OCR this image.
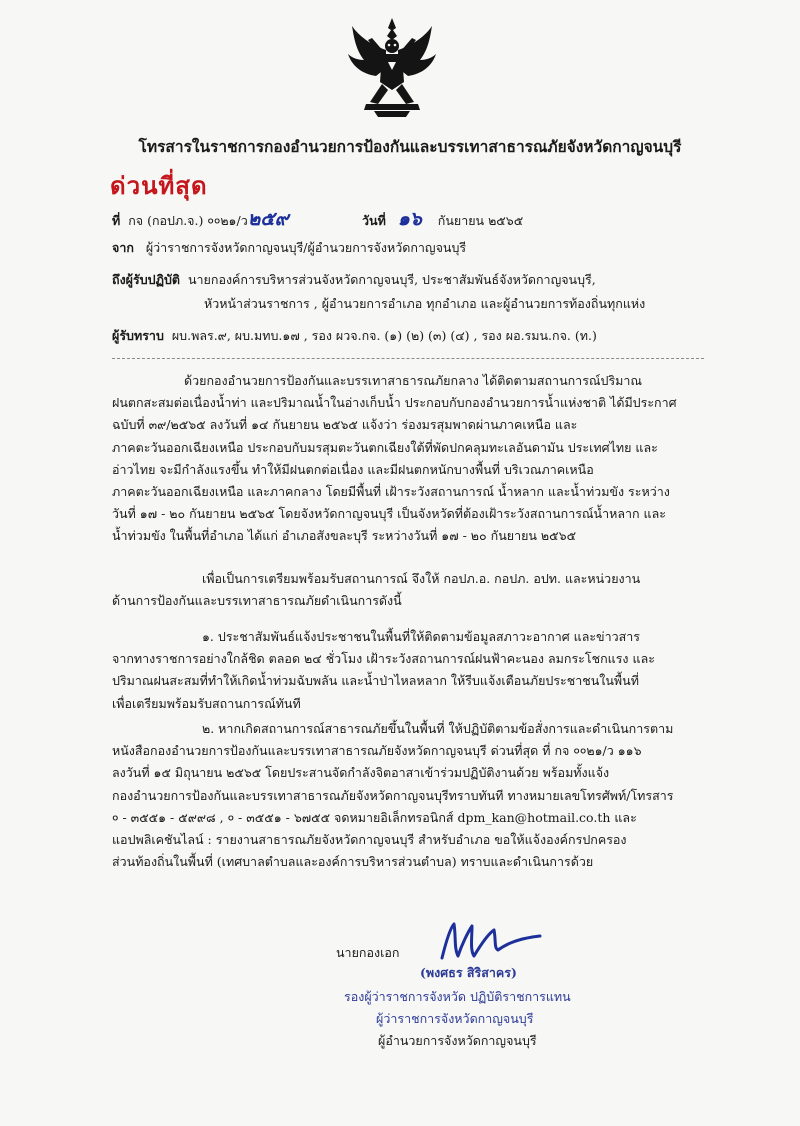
โทรสารในราชการกองอำนวยการป้องกันและบรรเทาสาธารณภัยจังหวัดกาญจนบุรี
ด่วนที่สุด
ที่ กจ (กอปภ.จ.) ००๒๑/ว๒๕๙	วันที่ ๑๖ กันยายน ๒๕๖๕
จาก ผู้ว่าราชการจังหวัดกาญจนบุรี/ผู้อำนวยการจังหวัดกาญจนบุรี
ถึงผู้รับปฏิบัติ นายกองค์การบริหารส่วนจังหวัดกาญจนบุรี, ประชาสัมพันธ์จังหวัดกาญจนบุรี,
หัวหน้าส่วนราชการ , ผู้อำนวยการอำเภอ ทุกอำเภอ และผู้อำนวยการท้องถิ่นทุกแห่ง
ผู้รับทราบ ผบ.พลร.๙, ผบ.มทบ.๑๗ , รอง ผวจ.กจ. (๑) (๒) (๓) (๔) , รอง ผอ.รมน.กจ. (ท.)
ด้วยกองอำนวยการป้องกันและบรรเทาสาธารณภัยกลาง ได้ติดตามสถานการณ์ปริมาณ
ฝนตกสะสมต่อเนื่องน้ำท่า และปริมาณน้ำในอ่างเก็บน้ำ ประกอบกับกองอำนวยการน้ำแห่งชาติ ได้มีประกาศ
ฉบับที่ ๓๙/๒๕๖๕ ลงวันที่ ๑๔ กันยายน ๒๕๖๕ แจ้งว่า ร่องมรสุมพาดผ่านภาคเหนือ และ
ภาคตะวันออกเฉียงเหนือ ประกอบกับมรสุมตะวันตกเฉียงใต้ที่พัดปกคลุมทะเลอันดามัน ประเทศไทย และ
อ่าวไทย จะมีกำลังแรงขึ้น ทำให้มีฝนตกต่อเนื่อง และมีฝนตกหนักบางพื้นที่ บริเวณภาคเหนือ
ภาคตะวันออกเฉียงเหนือ และภาคกลาง โดยมีพื้นที่ เฝ้าระวังสถานการณ์ น้ำหลาก และน้ำท่วมขัง ระหว่าง
วันที่ ๑๗ - ๒๐ กันยายน ๒๕๖๕ โดยจังหวัดกาญจนบุรี เป็นจังหวัดที่ต้องเฝ้าระวังสถานการณ์น้ำหลาก และ
น้ำท่วมขัง ในพื้นที่อำเภอ ได้แก่ อำเภอสังขละบุรี ระหว่างวันที่ ๑๗ - ๒๐ กันยายน ๒๕๖๕
เพื่อเป็นการเตรียมพร้อมรับสถานการณ์ จึงให้ กอปภ.อ. กอปภ. อปท. และหน่วยงาน
ด้านการป้องกันและบรรเทาสาธารณภัยดำเนินการดังนี้
๑. ประชาสัมพันธ์แจ้งประชาชนในพื้นที่ให้ติดตามข้อมูลสภาวะอากาศ และข่าวสาร
จากทางราชการอย่างใกล้ชิด ตลอด ๒๔ ชั่วโมง เฝ้าระวังสถานการณ์ฝนฟ้าคะนอง ลมกระโชกแรง และ
ปริมาณฝนสะสมที่ทำให้เกิดน้ำท่วมฉับพลัน และน้ำป่าไหลหลาก ให้รีบแจ้งเตือนภัยประชาชนในพื้นที่
เพื่อเตรียมพร้อมรับสถานการณ์ทันที
๒. หากเกิดสถานการณ์สาธารณภัยขึ้นในพื้นที่ ให้ปฏิบัติตามข้อสั่งการและดำเนินการตาม
หนังสือกองอำนวยการป้องกันและบรรเทาสาธารณภัยจังหวัดกาญจนบุรี ด่วนที่สุด ที่ กจ ००๒๑/ว ๑๑๖
ลงวันที่ ๑๕ มิถุนายน ๒๕๖๕ โดยประสานจัดกำลังจิตอาสาเข้าร่วมปฏิบัติงานด้วย พร้อมทั้งแจ้ง
กองอำนวยการป้องกันและบรรเทาสาธารณภัยจังหวัดกาญจนบุรีทราบทันที ทางหมายเลขโทรศัพท์/โทรสาร
० - ๓๕๕๑ - ๕๙๙๘ , ० - ๓๕๕๑ - ๖๗๕๕ จดหมายอิเล็กทรอนิกส์ dpm_kan@hotmail.co.th และ
แอปพลิเคชันไลน์ : รายงานสาธารณภัยจังหวัดกาญจนบุรี สำหรับอำเภอ ขอให้แจ้งองค์กรปกครอง
ส่วนท้องถิ่นในพื้นที่ (เทศบาลตำบลและองค์การบริหารส่วนตำบล) ทราบและดำเนินการด้วย
นายกองเอก
(พงศธร สิริสาคร)
รองผู้ว่าราชการจังหวัด ปฏิบัติราชการแทน
ผู้ว่าราชการจังหวัดกาญจนบุรี
ผู้อำนวยการจังหวัดกาญจนบุรี
